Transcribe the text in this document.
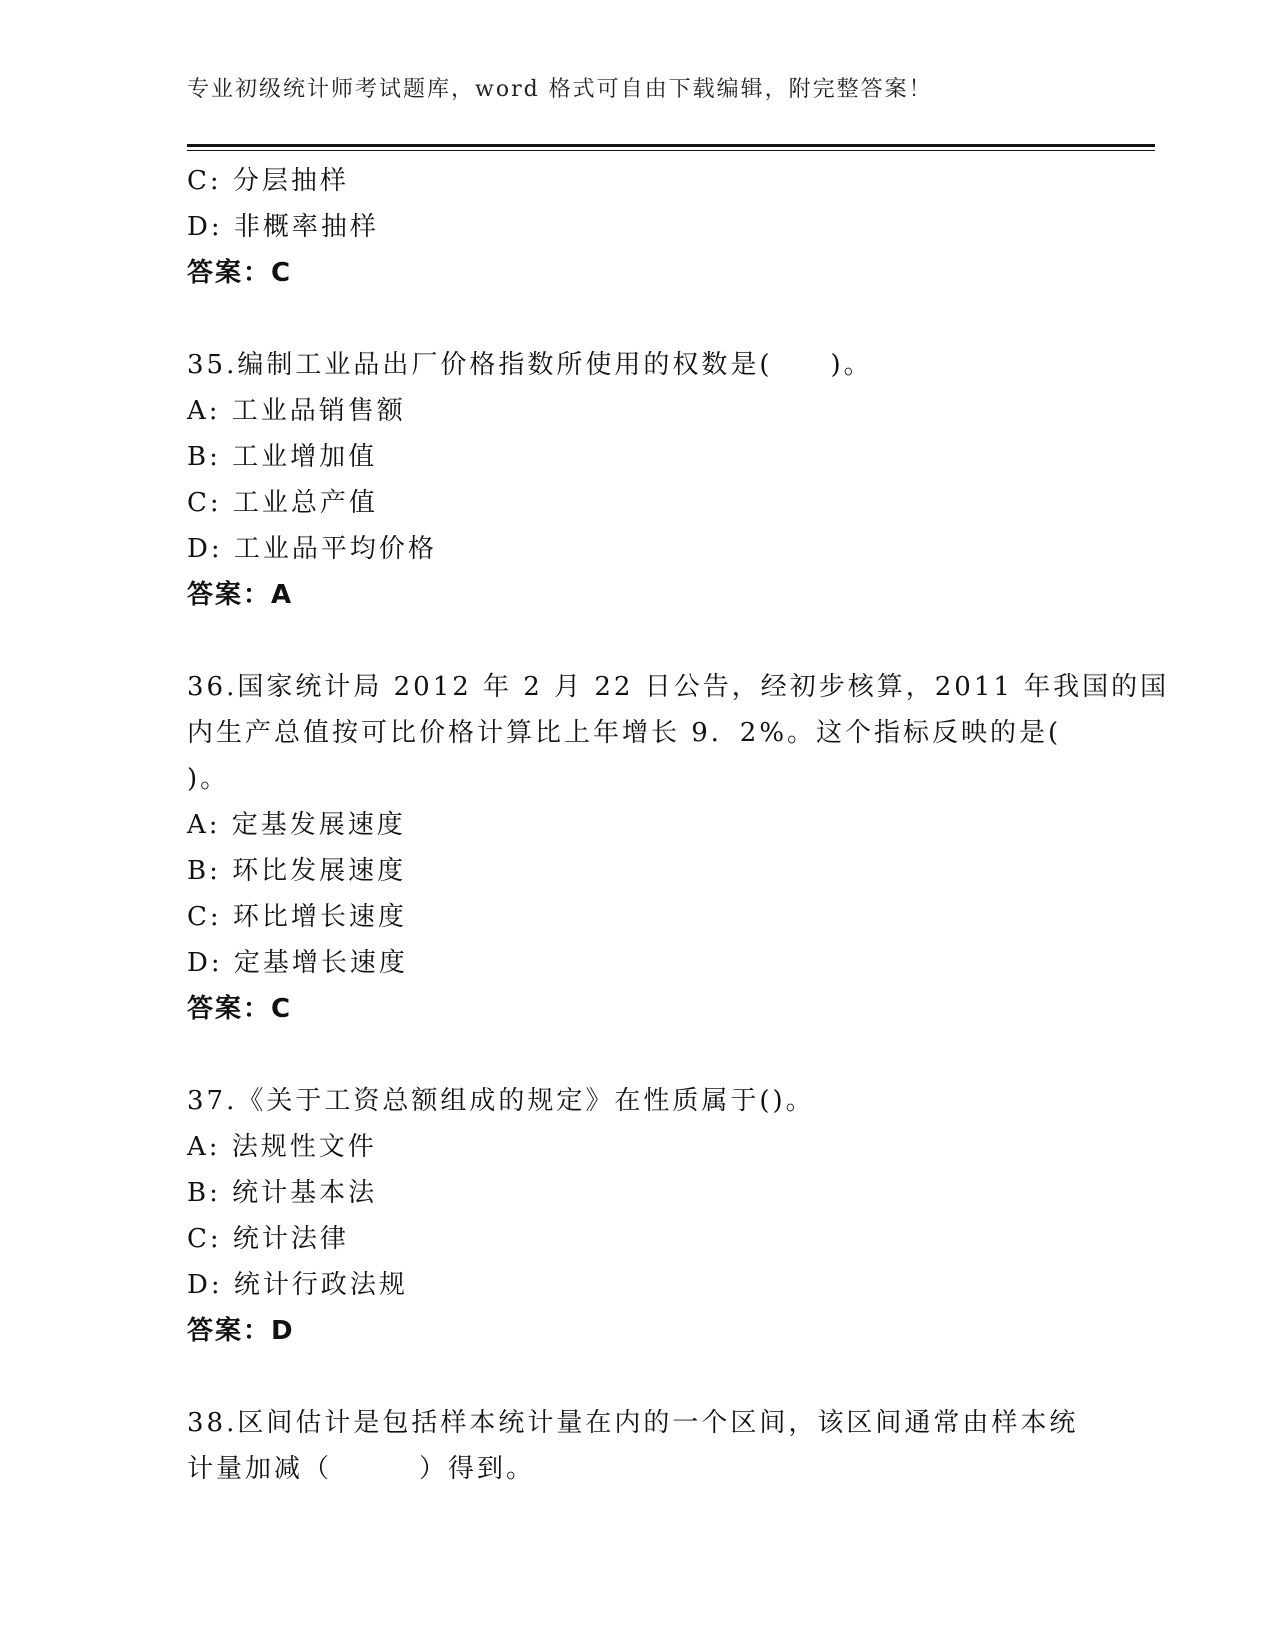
专业初级统计师考试题库，word 格式可自由下载编辑，附完整答案！
C: 分层抽样
D: 非概率抽样
答案：C
35.编制工业品出厂价格指数所使用的权数是(　　)。
A: 工业品销售额
B: 工业增加值
C: 工业总产值
D: 工业品平均价格
答案：A
36.国家统计局 2012 年 2 月 22 日公告，经初步核算，2011 年我国的国
内生产总值按可比价格计算比上年增长 9．2%。这个指标反映的是(
)。
A: 定基发展速度
B: 环比发展速度
C: 环比增长速度
D: 定基增长速度
答案：C
37.《关于工资总额组成的规定》在性质属于()。
A: 法规性文件
B: 统计基本法
C: 统计法律
D: 统计行政法规
答案：D
38.区间估计是包括样本统计量在内的一个区间，该区间通常由样本统
计量加减（　　　）得到。
